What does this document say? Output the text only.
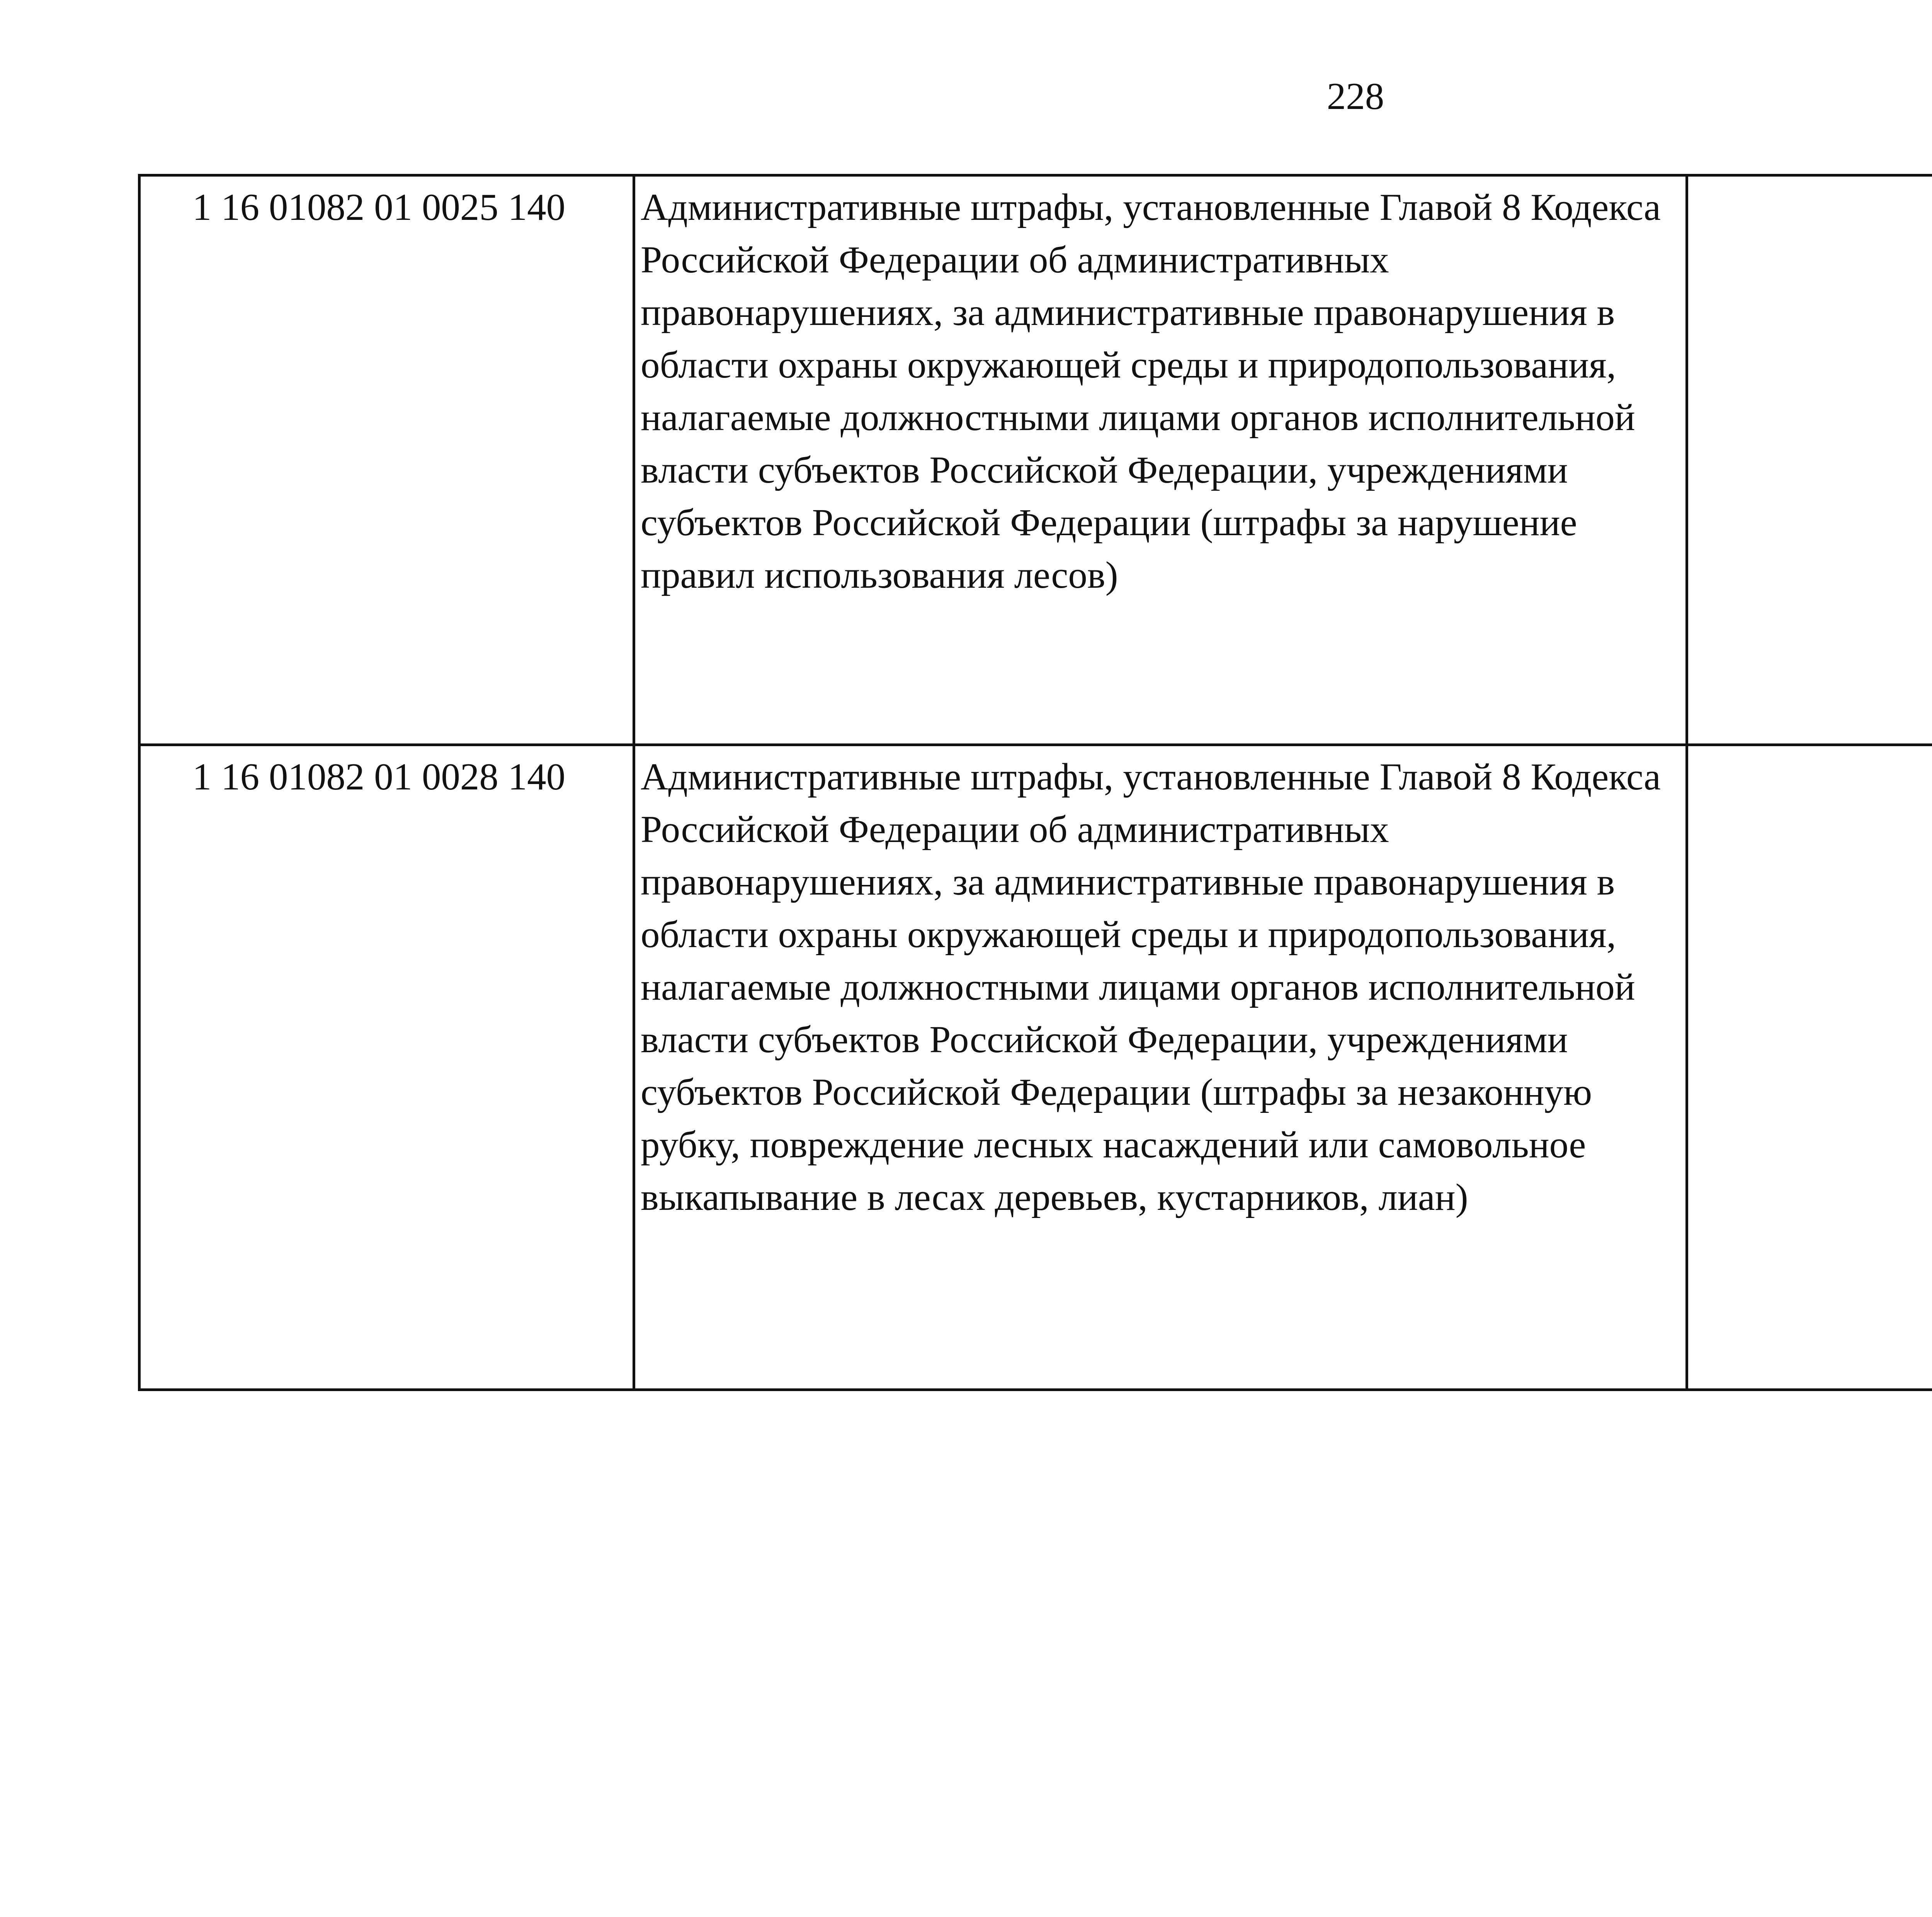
228
1 16 01082 01 0025 140	Административные штрафы, установленные Главой 8 Кодекса Российской Федерации об административных правонарушениях, за административные правонарушения в области охраны окружающей среды и природопользования, налагаемые должностными лицами органов исполнительной власти субъектов Российской Федерации, учреждениями субъектов Российской Федерации (штрафы за нарушение правил использования лесов)			
1 16 01082 01 0028 140	Административные штрафы, установленные Главой 8 Кодекса Российской Федерации об административных правонарушениях, за административные правонарушения в области охраны окружающей среды и природопользования, налагаемые должностными лицами органов исполнительной власти субъектов Российской Федерации, учреждениями субъектов Российской Федерации (штрафы за незаконную рубку, повреждение лесных насаждений или самовольное выкапывание в лесах деревьев, кустарников, лиан)			
